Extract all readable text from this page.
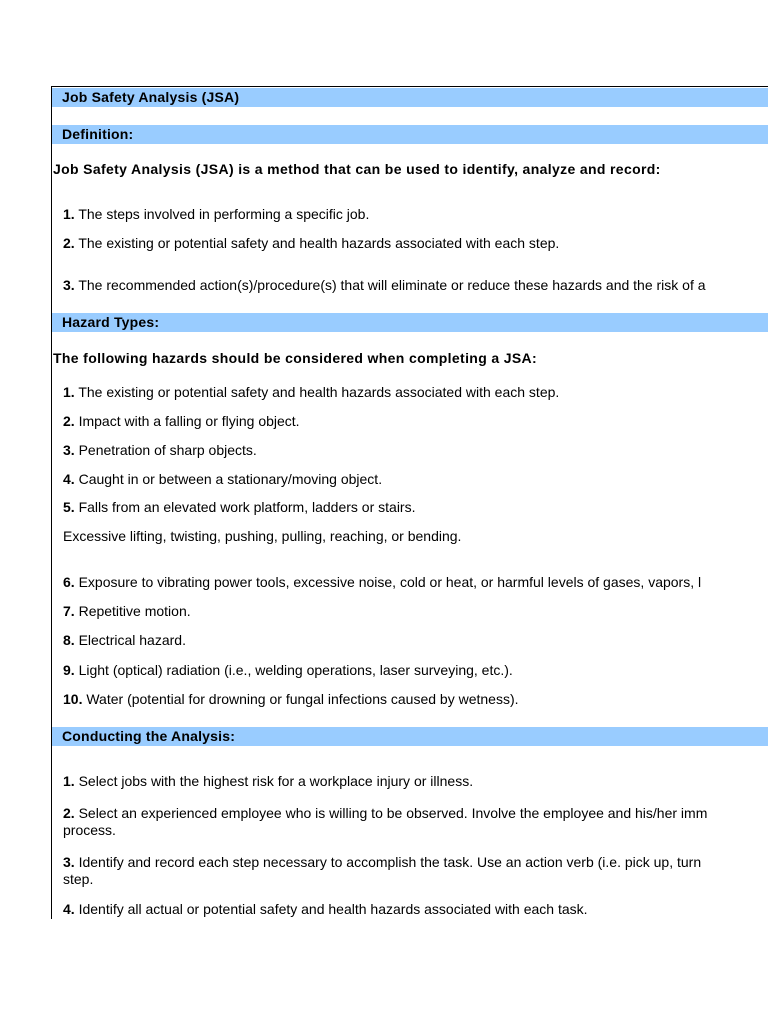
Job Safety Analysis (JSA)
Definition:
Job Safety Analysis (JSA) is a method that can be used to identify, analyze and record:
1. The steps involved in performing a specific job.
2. The existing or potential safety and health hazards associated with each step.
3. The recommended action(s)/procedure(s) that will eliminate or reduce these hazards and the risk of a
Hazard Types:
The following hazards should be considered when completing a JSA:
1. The existing or potential safety and health hazards associated with each step.
2. Impact with a falling or flying object.
3. Penetration of sharp objects.
4. Caught in or between a stationary/moving object.
5. Falls from an elevated work platform, ladders or stairs.
Excessive lifting, twisting, pushing, pulling, reaching, or bending.
6. Exposure to vibrating power tools, excessive noise, cold or heat, or harmful levels of gases, vapors, l
7. Repetitive motion.
8. Electrical hazard.
9. Light (optical) radiation (i.e., welding operations, laser surveying, etc.).
10. Water (potential for drowning or fungal infections caused by wetness).
Conducting the Analysis:
1. Select jobs with the highest risk for a workplace injury or illness.
2. Select an experienced employee who is willing to be observed. Involve the employee and his/her imm
process.
3. Identify and record each step necessary to accomplish the task. Use an action verb (i.e. pick up, turn
step.
4. Identify all actual or potential safety and health hazards associated with each task.
